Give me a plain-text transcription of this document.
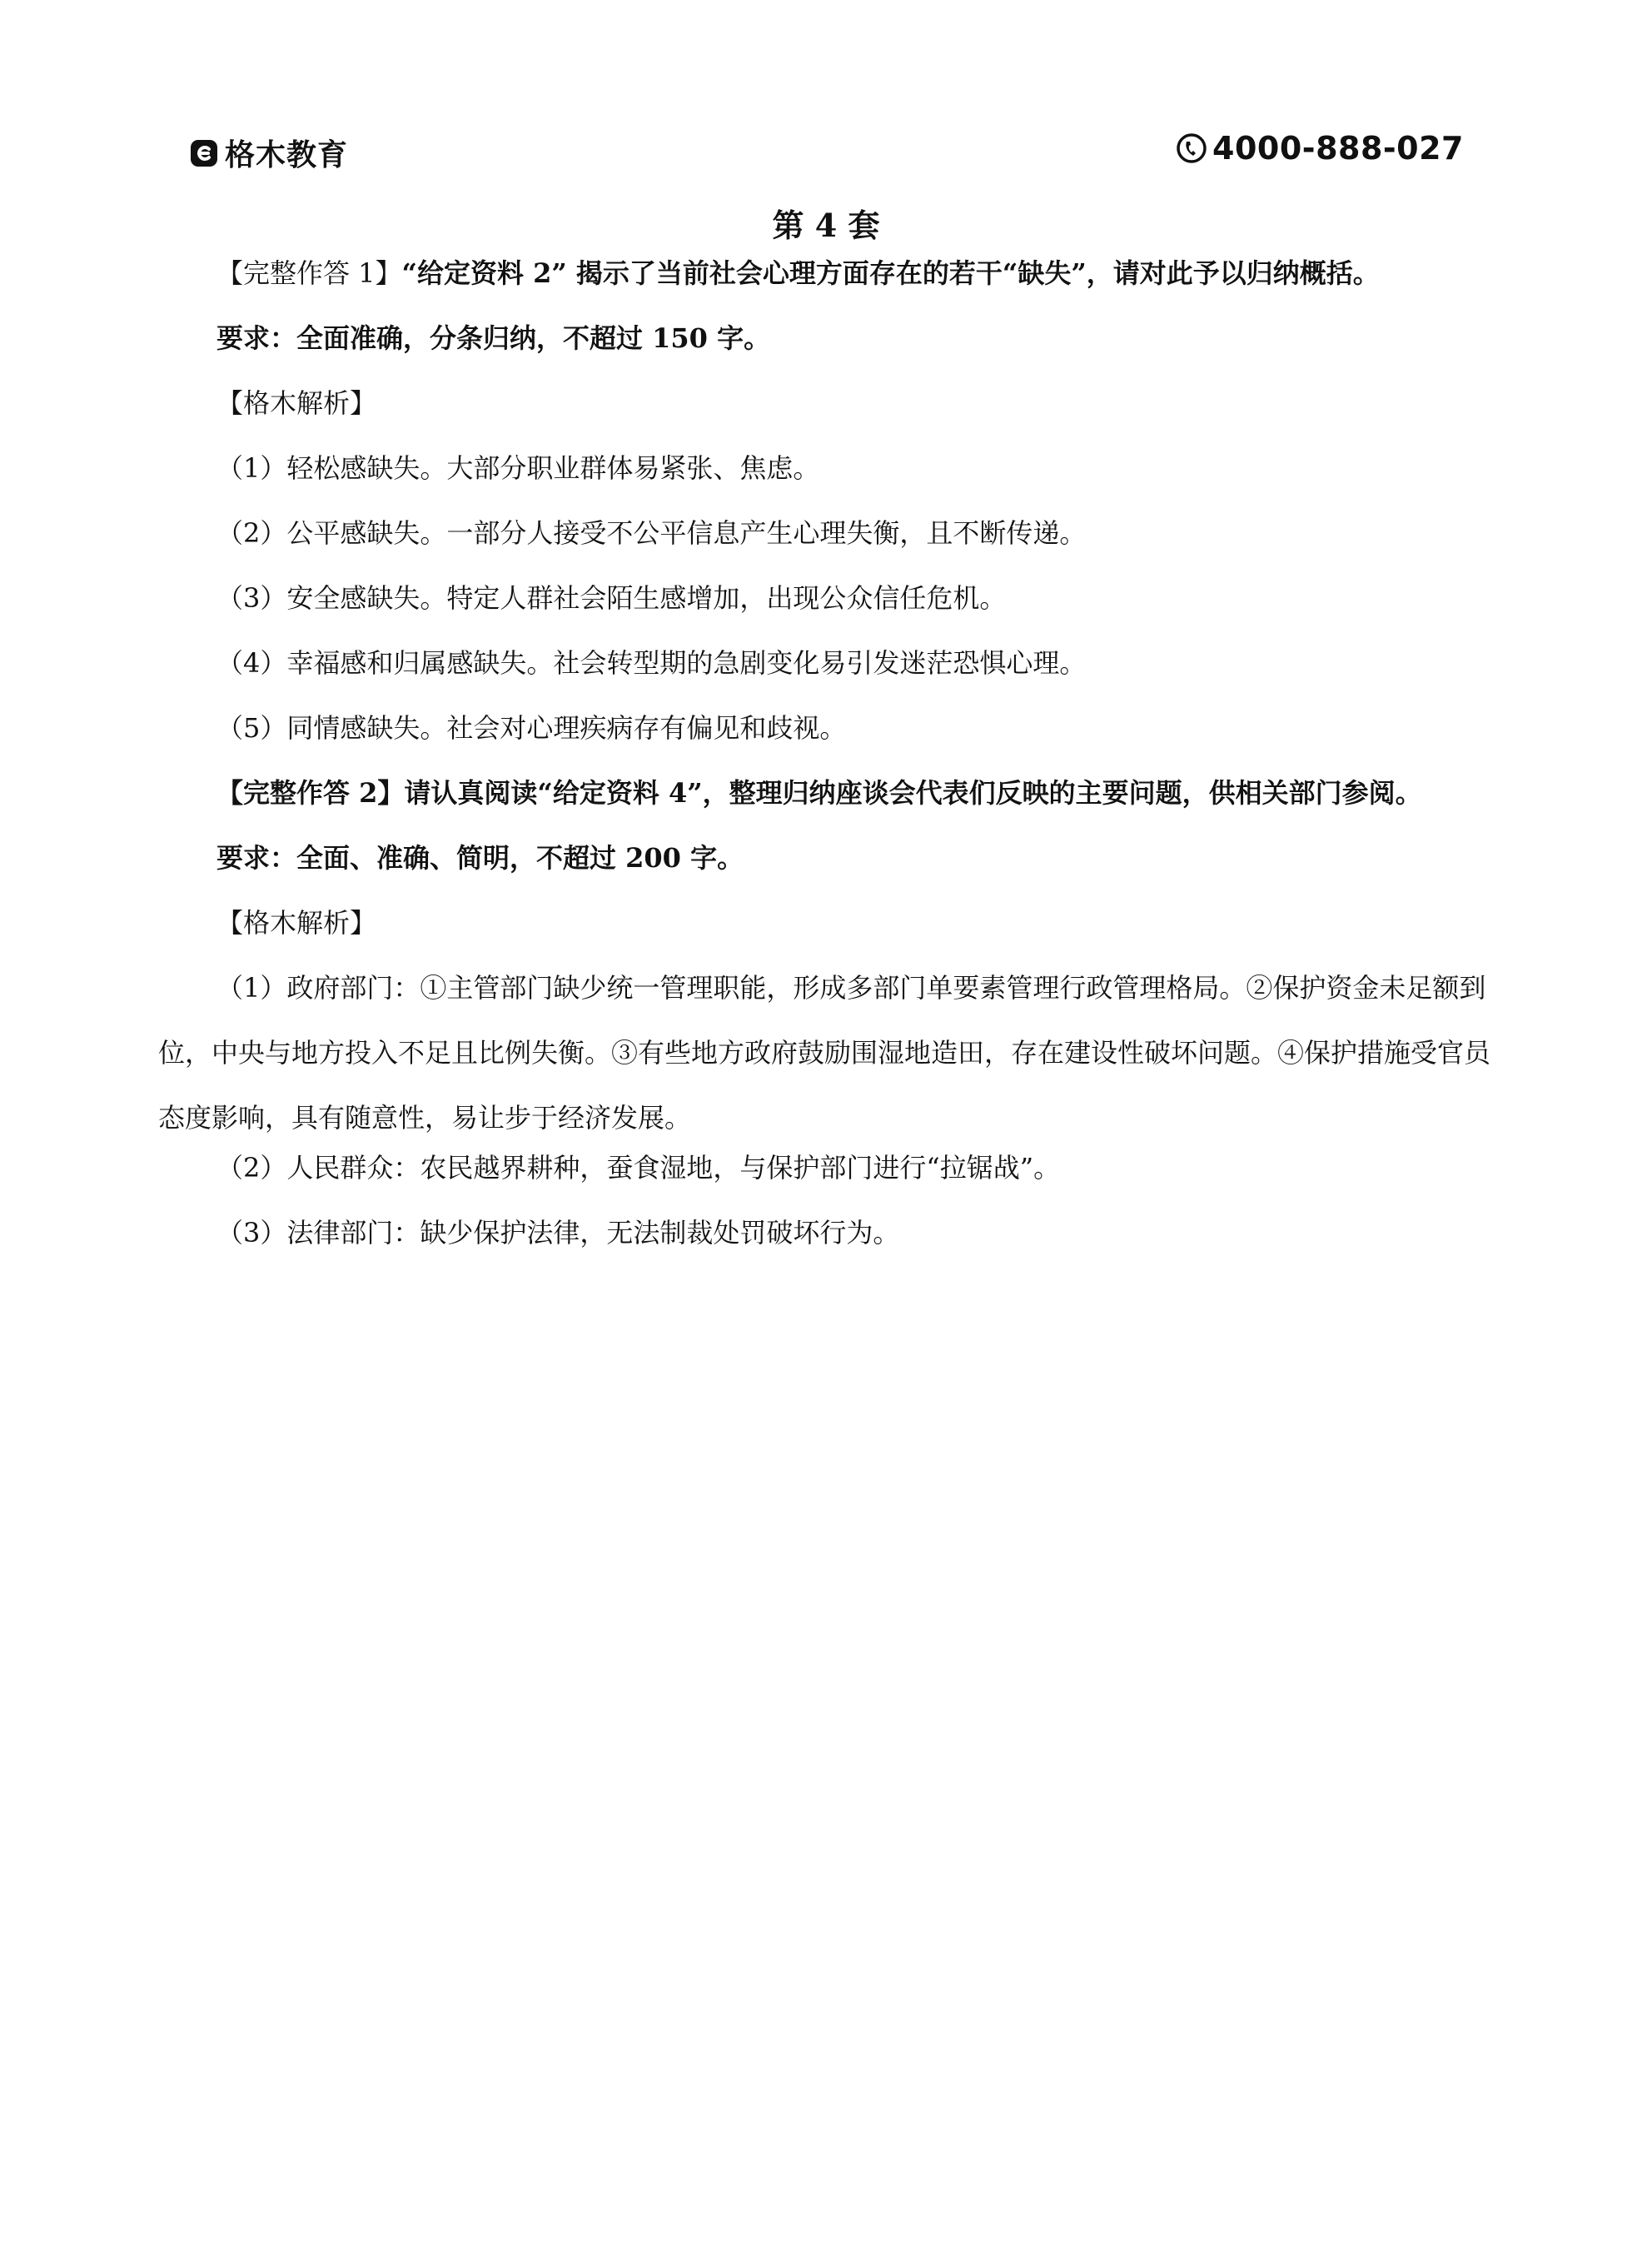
格木教育	4000-888-027
第 4 套

【完整作答 1】“给定资料 2” 揭示了当前社会心理方面存在的若干“缺失”，请对此予以归纳概括。

要求：全面准确，分条归纳，不超过 150 字。

【格木解析】

（1）轻松感缺失。大部分职业群体易紧张、焦虑。

（2）公平感缺失。一部分人接受不公平信息产生心理失衡，且不断传递。

（3）安全感缺失。特定人群社会陌生感增加，出现公众信任危机。

（4）幸福感和归属感缺失。社会转型期的急剧变化易引发迷茫恐惧心理。

（5）同情感缺失。社会对心理疾病存有偏见和歧视。

【完整作答 2】请认真阅读“给定资料 4”，整理归纳座谈会代表们反映的主要问题，供相关部门参阅。

要求：全面、准确、简明，不超过 200 字。

【格木解析】

（1）政府部门：①主管部门缺少统一管理职能，形成多部门单要素管理行政管理格局。②保护资金未足额到位，中央与地方投入不足且比例失衡。③有些地方政府鼓励围湿地造田，存在建设性破坏问题。④保护措施受官员态度影响，具有随意性，易让步于经济发展。

（2）人民群众：农民越界耕种，蚕食湿地，与保护部门进行“拉锯战”。

（3）法律部门：缺少保护法律，无法制裁处罚破坏行为。
